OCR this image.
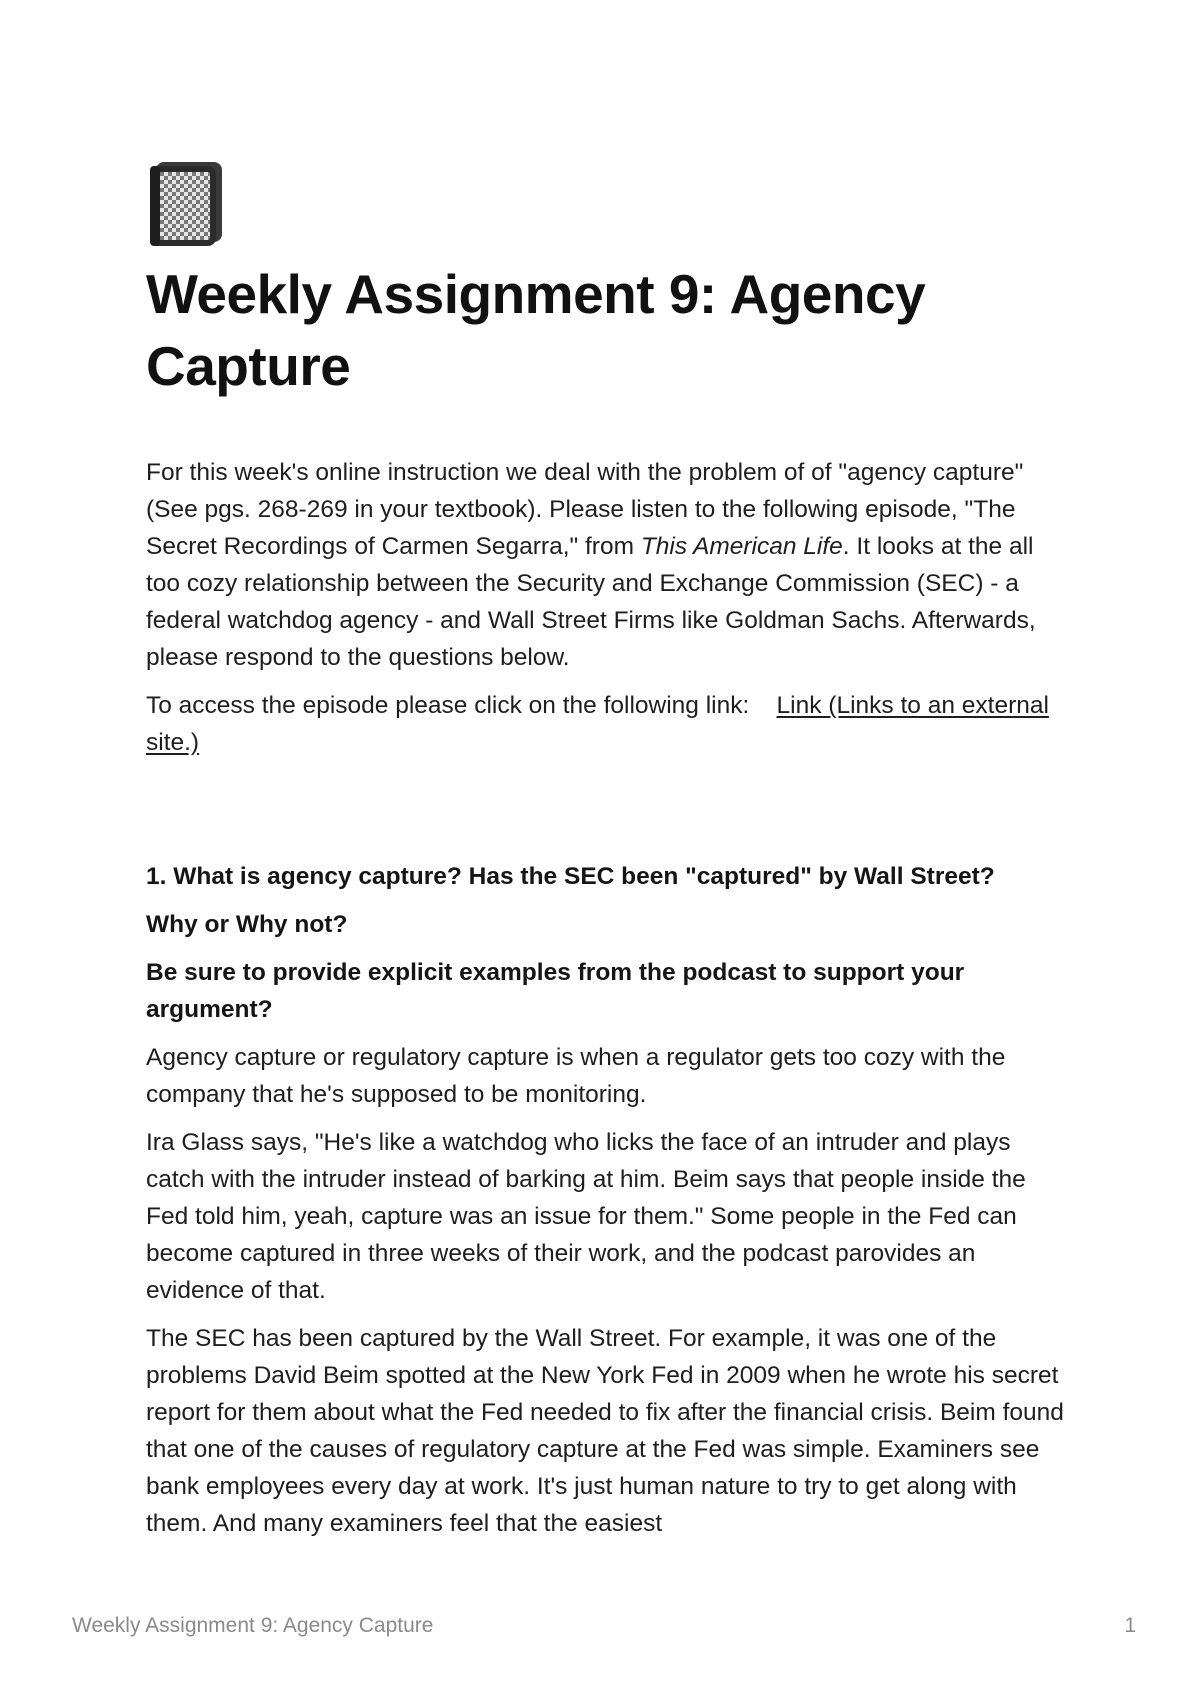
Weekly Assignment 9: Agency Capture

For this week's online instruction we deal with the problem of of "agency capture" (See pgs. 268-269 in your textbook). Please listen to the following episode, "The Secret Recordings of Carmen Segarra," from This American Life. It looks at the all too cozy relationship between the Security and Exchange Commission (SEC) - a federal watchdog agency - and Wall Street Firms like Goldman Sachs. Afterwards, please respond to the questions below.

To access the episode please click on the following link:    Link (Links to an external site.)

1. What is agency capture? Has the SEC been "captured" by Wall Street?

Why or Why not?

Be sure to provide explicit examples from the podcast to support your argument?

Agency capture or regulatory capture is when a regulator gets too cozy with the company that he's supposed to be monitoring.

Ira Glass says, "He's like a watchdog who licks the face of an intruder and plays catch with the intruder instead of barking at him. Beim says that people inside the Fed told him, yeah, capture was an issue for them." Some people in the Fed can become captured in three weeks of their work, and the podcast parovides an evidence of that.

The SEC has been captured by the Wall Street. For example, it was one of the problems David Beim spotted at the New York Fed in 2009 when he wrote his secret report for them about what the Fed needed to fix after the financial crisis. Beim found that one of the causes of regulatory capture at the Fed was simple. Examiners see bank employees every day at work. It's just human nature to try to get along with them. And many examiners feel that the easiest

Weekly Assignment 9: Agency Capture	1
